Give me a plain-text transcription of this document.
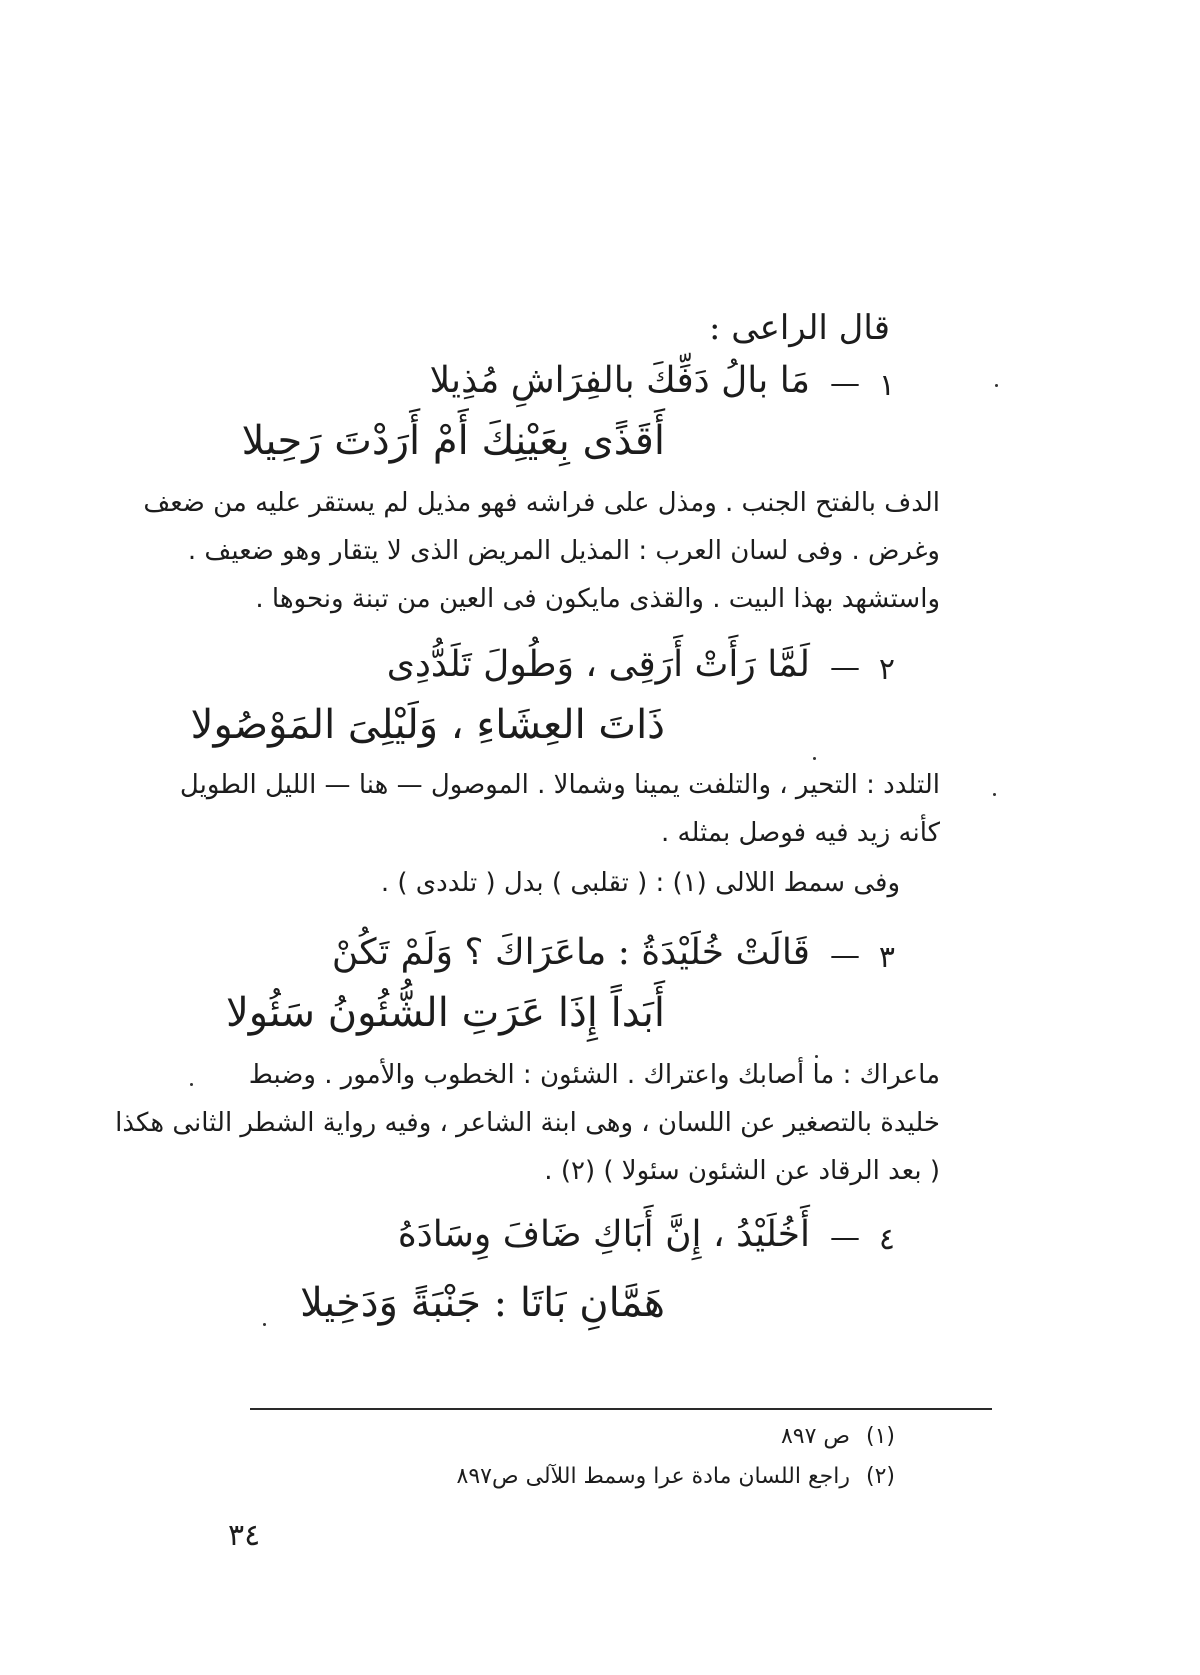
قال الراعى :
١
—
مَا بالُ دَفِّكَ بالفِرَاشِ مُذِيلا
أَقَذًى بِعَيْنِكَ أَمْ أَرَدْتَ رَحِيلا
الدف بالفتح الجنب . ومذل على فراشه فهو مذيل لم يستقر عليه من ضعف
وغرض . وفى لسان العرب : المذيل المريض الذى لا يتقار وهو ضعيف .
واستشهد بهذا البيت . والقذى مايكون فى العين من تبنة ونحوها .
٢
—
لَمَّا رَأَتْ أَرَقِى ، وَطُولَ تَلَدُّدِى
ذَاتَ العِشَاءِ ، وَلَيْلِىَ المَوْصُولا
التلدد : التحير ، والتلفت يمينا وشمالا . الموصول — هنا — الليل الطويل
كأنه زيد فيه فوصل بمثله .
وفى سمط اللالى (١) : ( تقلبى ) بدل ( تلددى ) .
٣
—
قَالَتْ خُلَيْدَةُ : ماعَرَاكَ ؟ وَلَمْ تَكُنْ
أَبَداً إِذَا عَرَتِ الشُّئُونُ سَئُولا
ماعراك : ما أصابك واعتراك . الشئون : الخطوب والأمور . وضبط
خليدة بالتصغير عن اللسان ، وهى ابنة الشاعر ، وفيه رواية الشطر الثانى هكذا
( بعد الرقاد عن الشئون سئولا ) (٢) .
٤
—
أَخُلَيْدُ ، إِنَّ أَبَاكِ ضَافَ وِسَادَهُ
هَمَّانِ بَاتَا : جَنْبَةً وَدَخِيلا
(١)
ص ٨٩٧
(٢)
راجع اللسان مادة عرا وسمط اللآلى ص٨٩٧
٣٤
